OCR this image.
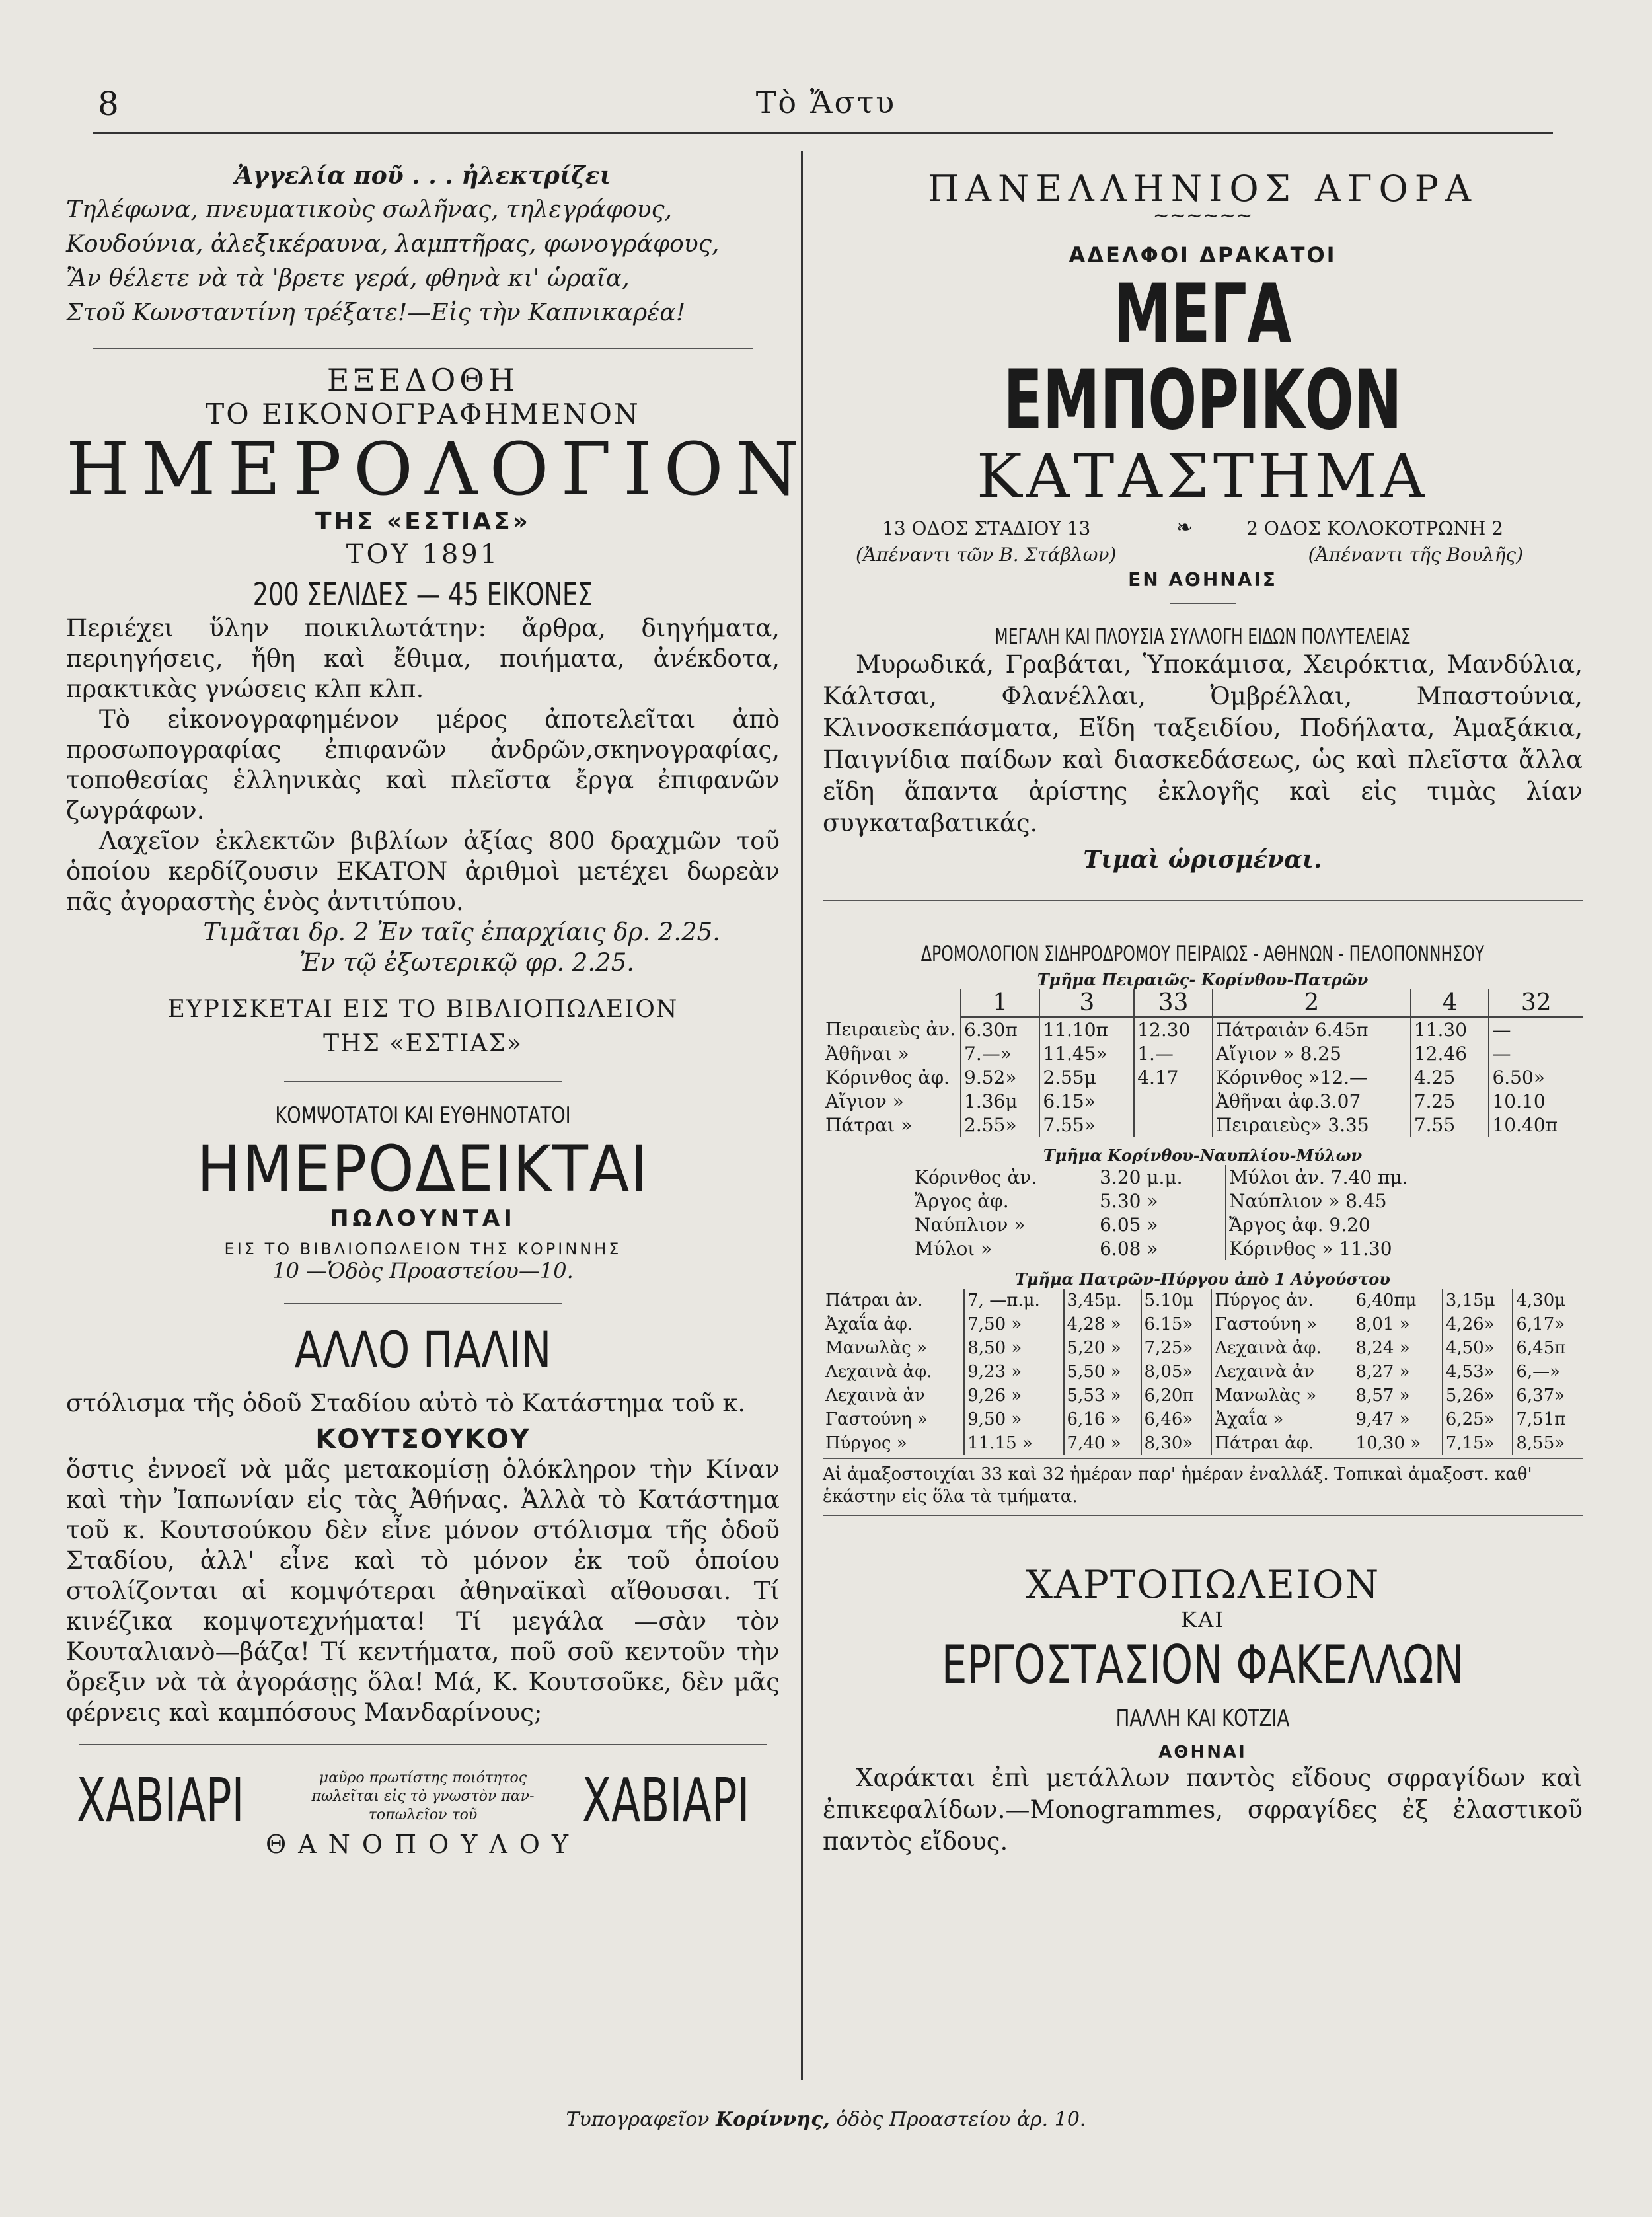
8	Τὸ Ἄστυ
Ἀγγελία ποῦ . . . ἠλεκτρίζει
Τηλέφωνα, πνευματικοὺς σωλῆνας, τηλεγράφους,
Κουδούνια, ἀλεξικέραυνα, λαμπτῆρας, φωνογράφους,
Ἂν θέλετε νὰ τὰ 'βρετε γερά, φθηνὰ κι' ὡραῖα,
Στοῦ Κωνσταντίνη τρέξατε!—Εἰς τὴν Καπνικαρέα!
ΕΞΕΔΟΘΗ
ΤΟ ΕΙΚΟΝΟΓΡΑΦΗΜΕΝΟΝ
ΗΜΕΡΟΛΟΓΙΟΝ
ΤΗΣ «ΕΣΤΙΑΣ»
ΤΟΥ 1891
200 ΣΕΛΙΔΕΣ — 45 ΕΙΚΟΝΕΣ

Περιέχει ὕλην ποικιλωτάτην: ἄρθρα, διηγήματα, περιηγήσεις, ἤθη καὶ ἔθιμα, ποιήματα, ἀνέκδοτα, πρακτικὰς γνώσεις κλπ κλπ.

Τὸ εἰκονογραφημένον μέρος ἀποτελεῖται ἀπὸ προσωπογραφίας ἐπιφανῶν ἀνδρῶν,σκηνογραφίας, τοποθεσίας ἑλληνικὰς καὶ πλεῖστα ἔργα ἐπιφανῶν ζωγράφων.

Λαχεῖον ἐκλεκτῶν βιβλίων ἀξίας 800 δραχμῶν τοῦ ὁποίου κερδίζουσιν ΕΚΑΤΟΝ ἀριθμοὶ μετέχει δωρεὰν πᾶς ἀγοραστὴς ἑνὸς ἀντιτύπου.

Τιμᾶται δρ. 2 Ἐν ταῖς ἐπαρχίαις δρ. 2.25.
Ἐν τῷ ἐξωτερικῷ φρ. 2.25.
ΕΥΡΙΣΚΕΤΑΙ ΕΙΣ ΤΟ ΒΙΒΛΙΟΠΩΛΕΙΟΝ
ΤΗΣ «ΕΣΤΙΑΣ»
ΚΟΜΨΟΤΑΤΟΙ ΚΑΙ ΕΥΘΗΝΟΤΑΤΟΙ
ΗΜΕΡΟΔΕΙΚΤΑΙ
ΠΩΛΟΥΝΤΑΙ
ΕΙΣ ΤΟ ΒΙΒΛΙΟΠΩΛΕΙΟΝ ΤΗΣ ΚΟΡΙΝΝΗΣ
10 —Ὁδὸς Προαστείου—10.
ΑΛΛΟ ΠΑΛΙΝ

στόλισμα τῆς ὁδοῦ Σταδίου αὐτὸ τὸ Κατάστημα τοῦ κ.

ΚΟΥΤΣΟΥΚΟΥ

ὅστις ἐννοεῖ νὰ μᾶς μετακομίσῃ ὁλόκληρον τὴν Κίναν καὶ τὴν Ἰαπωνίαν εἰς τὰς Ἀθήνας. Ἀλλὰ τὸ Κατάστημα τοῦ κ. Κουτσούκου δὲν εἶνε μόνον στόλισμα τῆς ὁδοῦ Σταδίου, ἀλλ' εἶνε καὶ τὸ μόνον ἐκ τοῦ ὁποίου στολίζονται αἱ κομψότεραι ἀθηναϊκαὶ αἴθουσαι. Τί κινέζικα κομψοτεχνήματα! Τί μεγάλα —σὰν τὸν Κουταλιανὸ—βάζα! Τί κεντήματα, ποῦ σοῦ κεντοῦν τὴν ὄρεξιν νὰ τὰ ἀγοράσῃς ὅλα! Μά, Κ. Κουτσοῦκε, δὲν μᾶς φέρνεις καὶ καμπόσους Μανδαρίνους;

ΧΑΒΙΑΡΙ	μαῦρο πρωτίστης ποιότητος
πωλεῖται εἰς τὸ γνωστὸν παν-
τοπωλεῖον τοῦ	ΧΑΒΙΑΡΙ
ΘΑΝΟΠΟΥΛΟΥ
ΠΑΝΕΛΛΗΝΙΟΣ ΑΓΟΡΑ
~~~~~~
ΑΔΕΛΦΟΙ ΔΡΑΚΑΤΟΙ
ΜΕΓΑ ΕΜΠΟΡΙΚΟΝ
ΚΑΤΑΣΤΗΜΑ
13 ΟΔΟΣ ΣΤΑΔΙΟΥ 13	❧	2 ΟΔΟΣ ΚΟΛΟΚΟΤΡΩΝΗ 2
(Ἀπέναντι τῶν Β. Στάβλων)	(Ἀπέναντι τῆς Βουλῆς)
ΕΝ ΑΘΗΝΑΙΣ
ΜΕΓΑΛΗ ΚΑΙ ΠΛΟΥΣΙΑ ΣΥΛΛΟΓΗ ΕΙΔΩΝ ΠΟΛΥΤΕΛΕΙΑΣ

Μυρωδικά, Γραβάται, Ὑποκάμισα, Χειρόκτια, Μανδύλια, Κάλτσαι, Φλανέλλαι, Ὀμβρέλλαι, Μπαστούνια, Κλινοσκεπάσματα, Εἴδη ταξειδίου, Ποδήλατα, Ἁμαξάκια, Παιγνίδια παίδων καὶ διασκεδάσεως, ὡς καὶ πλεῖστα ἄλλα εἴδη ἅπαντα ἀρίστης ἐκλογῆς καὶ εἰς τιμὰς λίαν συγκαταβατικάς.

Τιμαὶ ὡρισμέναι.
ΔΡΟΜΟΛΟΓΙΟΝ ΣΙΔΗΡΟΔΡΟΜΟΥ ΠΕΙΡΑΙΩΣ - ΑΘΗΝΩΝ - ΠΕΛΟΠΟΝΝΗΣΟΥ
Τμῆμα Πειραιῶς- Κορίνθου-Πατρῶν
	1	3	33	2	4	32
Πειραιεὺς ἀν.	6.30π	11.10π	12.30	Πάτραιἀν 6.45π	11.30	—
Ἀθῆναι »	7.—»	11.45»	1.—	Αἴγιον » 8.25	12.46	—
Κόρινθος ἀφ.	9.52»	2.55μ	4.17	Κόρινθος »12.—	4.25	6.50»
Αἴγιον »	1.36μ	6.15»		Ἀθῆναι ἀφ.3.07	7.25	10.10
Πάτραι »	2.55»	7.55»		Πειραιεὺς» 3.35	7.55	10.40π
Τμῆμα Κορίνθου-Ναυπλίου-Μύλων
Κόρινθος ἀν.	3.20 μ.μ.	Μύλοι ἀν. 7.40 πμ.
Ἄργος ἀφ.	5.30 »	Ναύπλιον » 8.45
Ναύπλιον »	6.05 »	Ἄργος ἀφ. 9.20
Μύλοι »	6.08 »	Κόρινθος » 11.30
Τμῆμα Πατρῶν-Πύργου ἀπὸ 1 Αὐγούστου
Πάτραι ἀν.	7, —π.μ.	3,45μ.	5.10μ	Πύργος ἀν.	6,40πμ	3,15μ	4,30μ
Ἀχαΐα ἀφ.	7,50 »	4,28 »	6.15»	Γαστούνη »	8,01 »	4,26»	6,17»
Μανωλὰς »	8,50 »	5,20 »	7,25»	Λεχαινὰ ἀφ.	8,24 »	4,50»	6,45π
Λεχαινὰ ἀφ.	9,23 »	5,50 »	8,05»	Λεχαινὰ ἀν	8,27 »	4,53»	6,—»
Λεχαινὰ ἀν	9,26 »	5,53 »	6,20π	Μανωλὰς »	8,57 »	5,26»	6,37»
Γαστούνη »	9,50 »	6,16 »	6,46»	Ἀχαΐα »	9,47 »	6,25»	7,51π
Πύργος »	11.15 »	7,40 »	8,30»	Πάτραι ἀφ.	10,30 »	7,15»	8,55»

Αἱ ἁμαξοστοιχίαι 33 καὶ 32 ἡμέραν παρ' ἡμέραν ἐναλλάξ. Τοπικαὶ ἁμαξοστ. καθ' ἑκάστην εἰς ὅλα τὰ τμήματα.

ΧΑΡΤΟΠΩΛΕΙΟΝ
ΚΑΙ
ΕΡΓΟΣΤΑΣΙΟΝ ΦΑΚΕΛΛΩΝ
ΠΑΛΛΗ ΚΑΙ ΚΟΤΖΙΑ
ΑΘΗΝΑΙ

Χαράκται ἐπὶ μετάλλων παντὸς εἴδους σφραγίδων καὶ ἐπικεφαλίδων.—Monogrammes, σφραγίδες ἐξ ἐλαστικοῦ παντὸς εἴδους.

Τυπογραφεῖον Κορίννης, ὁδὸς Προαστείου ἀρ. 10.
